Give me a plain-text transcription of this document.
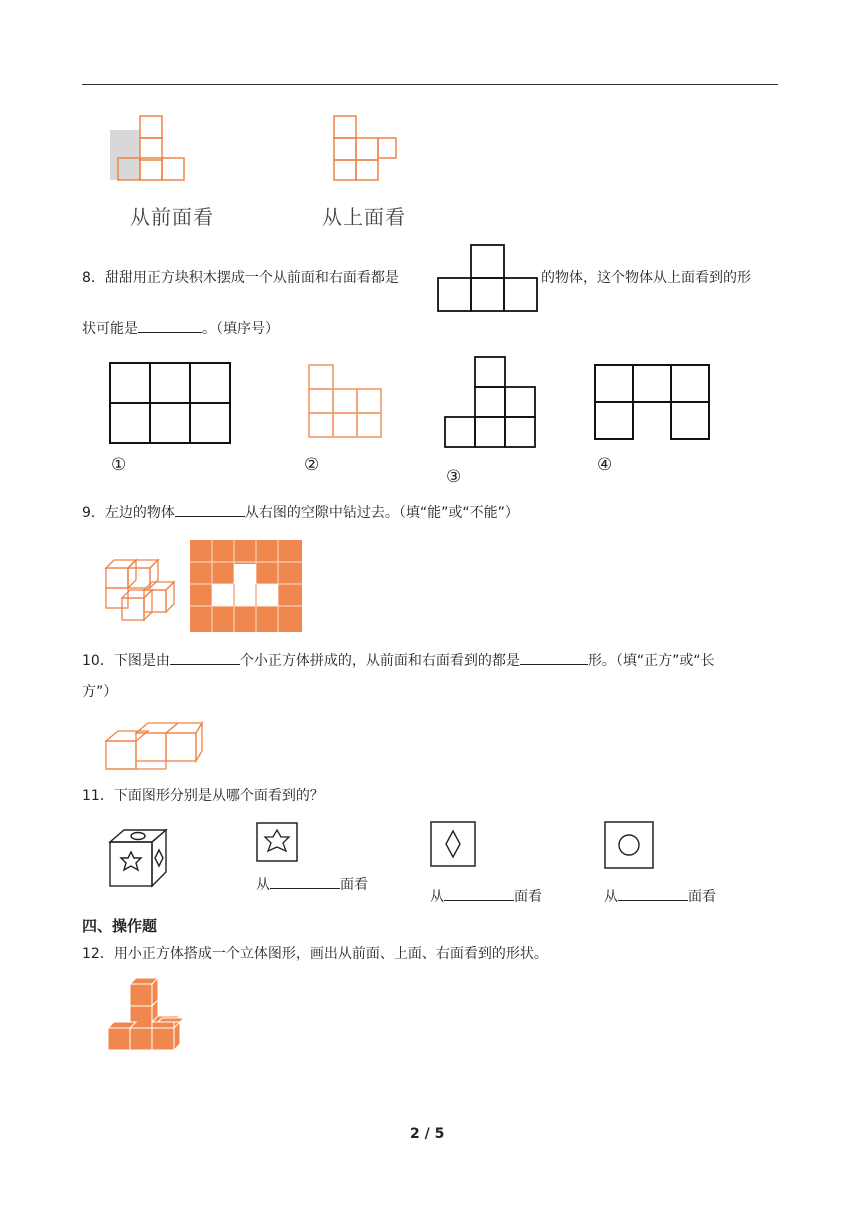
从前面看	从上面看
8．甜甜用正方块积木摆成一个从前面和右面看都是	的物体，这个物体从上面看到的形
状可能是	。（填序号）
①	②
③
④
9．左边的物体	从右图的空隙中钻过去。（填“能”或“不能”）
10．下图是由	个小正方体拼成的，从前面和右面看到的都是	形。（填“正方”或“长
方”）
11．下面图形分别是从哪个面看到的？
从	面看
从	面看	从	面看
四、操作题
12．用小正方体搭成一个立体图形，画出从前面、上面、右面看到的形状。
2 / 5
